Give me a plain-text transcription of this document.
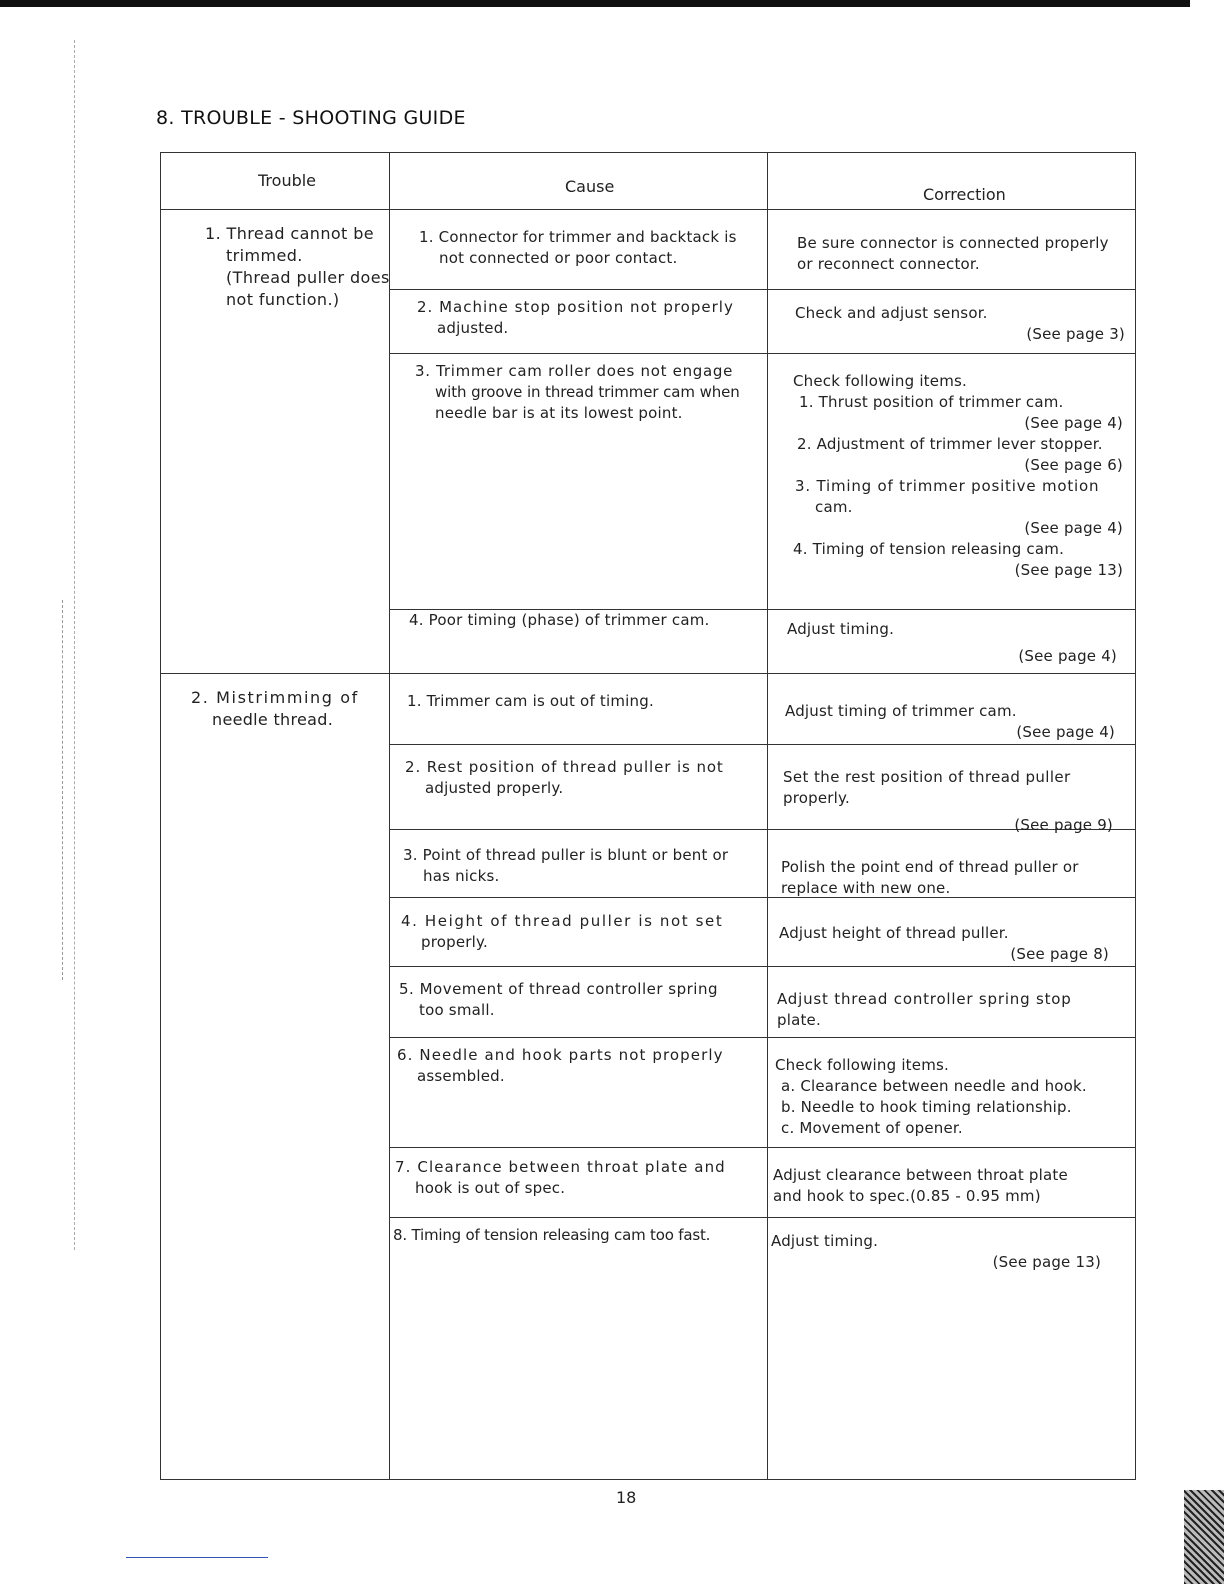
8. TROUBLE - SHOOTING GUIDE
Trouble	Cause	Correction
1. Thread cannot be
trimmed.
(Thread puller does
not function.)
2. Mistrimming of
needle thread.
1. Connector for trimmer and backtack is
not connected or poor contact.
2. Machine stop position not properly
adjusted.
3. Trimmer cam roller does not engage
with groove in thread trimmer cam when
needle bar is at its lowest point.
4. Poor timing (phase) of trimmer cam.
1. Trimmer cam is out of timing.
2. Rest position of thread puller is not
adjusted properly.
3. Point of thread puller is blunt or bent or
has nicks.
4. Height of thread puller is not set
properly.
5. Movement of thread controller spring
too small.
6. Needle and hook parts not properly
assembled.
7. Clearance between throat plate and
hook is out of spec.
8. Timing of tension releasing cam too fast.
Be sure connector is connected properly
or reconnect connector.
Check and adjust sensor.
(See page 3)
Check following items.
1. Thrust position of trimmer cam.
(See page 4)
2. Adjustment of trimmer lever stopper.
(See page 6)
3. Timing of trimmer positive motion
cam.
(See page 4)
4. Timing of tension releasing cam.
(See page 13)
Adjust timing.
(See page 4)
Adjust timing of trimmer cam.
(See page 4)
Set the rest position of thread puller
properly.
(See page 9)
Polish the point end of thread puller or
replace with new one.
Adjust height of thread puller.
(See page 8)
Adjust thread controller spring stop
plate.
Check following items.
a. Clearance between needle and hook.
b. Needle to hook timing relationship.
c. Movement of opener.
Adjust clearance between throat plate
and hook to spec.(0.85 - 0.95 mm)
Adjust timing.
(See page 13)
18
